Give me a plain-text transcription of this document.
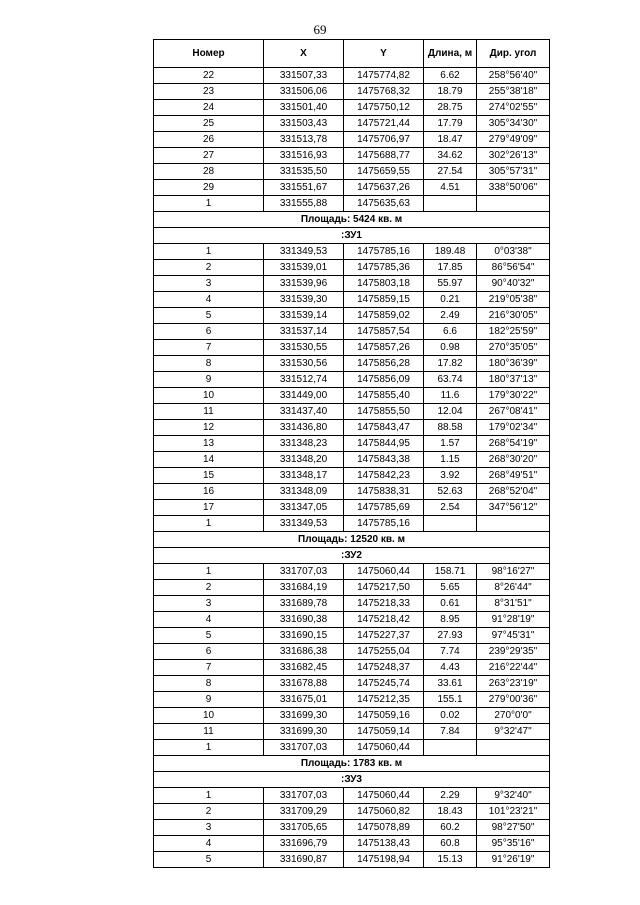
69
Номер	X	Y	Длина, м	Дир. угол
22	331507,33	1475774,82	6.62	258°56'40"
23	331506,06	1475768,32	18.79	255°38'18"
24	331501,40	1475750,12	28.75	274°02'55"
25	331503,43	1475721,44	17.79	305°34'30"
26	331513,78	1475706,97	18.47	279°49'09"
27	331516,93	1475688,77	34.62	302°26'13"
28	331535,50	1475659,55	27.54	305°57'31"
29	331551,67	1475637,26	4.51	338°50'06"
1	331555,88	1475635,63		
Площадь: 5424 кв. м				
:ЗУ1				
1	331349,53	1475785,16	189.48	0°03'38"
2	331539,01	1475785,36	17.85	86°56'54"
3	331539,96	1475803,18	55.97	90°40'32"
4	331539,30	1475859,15	0.21	219°05'38"
5	331539,14	1475859,02	2.49	216°30'05"
6	331537,14	1475857,54	6.6	182°25'59"
7	331530,55	1475857,26	0.98	270°35'05"
8	331530,56	1475856,28	17.82	180°36'39"
9	331512,74	1475856,09	63.74	180°37'13"
10	331449,00	1475855,40	11.6	179°30'22"
11	331437,40	1475855,50	12.04	267°08'41"
12	331436,80	1475843,47	88.58	179°02'34"
13	331348,23	1475844,95	1.57	268°54'19"
14	331348,20	1475843,38	1.15	268°30'20"
15	331348,17	1475842,23	3.92	268°49'51"
16	331348,09	1475838,31	52.63	268°52'04"
17	331347,05	1475785,69	2.54	347°56'12"
1	331349,53	1475785,16		
Площадь: 12520 кв. м				
:ЗУ2				
1	331707,03	1475060,44	158.71	98°16'27"
2	331684,19	1475217,50	5.65	8°26'44"
3	331689,78	1475218,33	0.61	8°31'51"
4	331690,38	1475218,42	8.95	91°28'19"
5	331690,15	1475227,37	27.93	97°45'31"
6	331686,38	1475255,04	7.74	239°29'35"
7	331682,45	1475248,37	4.43	216°22'44"
8	331678,88	1475245,74	33.61	263°23'19"
9	331675,01	1475212,35	155.1	279°00'36"
10	331699,30	1475059,16	0.02	270°0'0"
11	331699,30	1475059,14	7.84	9°32'47"
1	331707,03	1475060,44		
Площадь: 1783 кв. м				
:ЗУ3				
1	331707,03	1475060,44	2.29	9°32'40"
2	331709,29	1475060,82	18.43	101°23'21"
3	331705,65	1475078,89	60.2	98°27'50"
4	331696,79	1475138,43	60.8	95°35'16"
5	331690,87	1475198,94	15.13	91°26'19"
